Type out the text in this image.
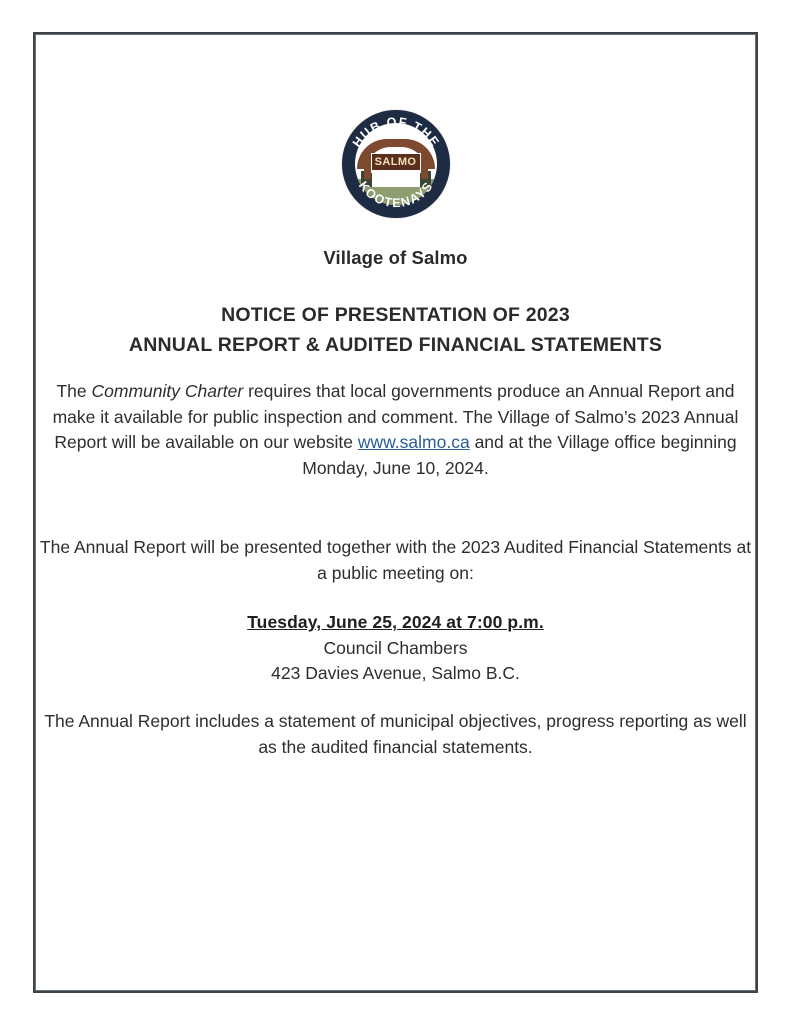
SALMO
HUB OF THE
KOOTENAYS
Village of Salmo
NOTICE OF PRESENTATION OF 2023
ANNUAL REPORT & AUDITED FINANCIAL STATEMENTS

The Community Charter requires that local governments produce an Annual Report and make it available for public inspection and comment. The Village of Salmo’s 2023 Annual Report will be available on our website www.salmo.ca and at the Village office beginning Monday, June 10, 2024.

The Annual Report will be presented together with the 2023 Audited Financial Statements at a public meeting on:

Tuesday, June 25, 2024 at 7:00 p.m.
Council Chambers
423 Davies Avenue, Salmo B.C.

The Annual Report includes a statement of municipal objectives, progress reporting as well as the audited financial statements.
